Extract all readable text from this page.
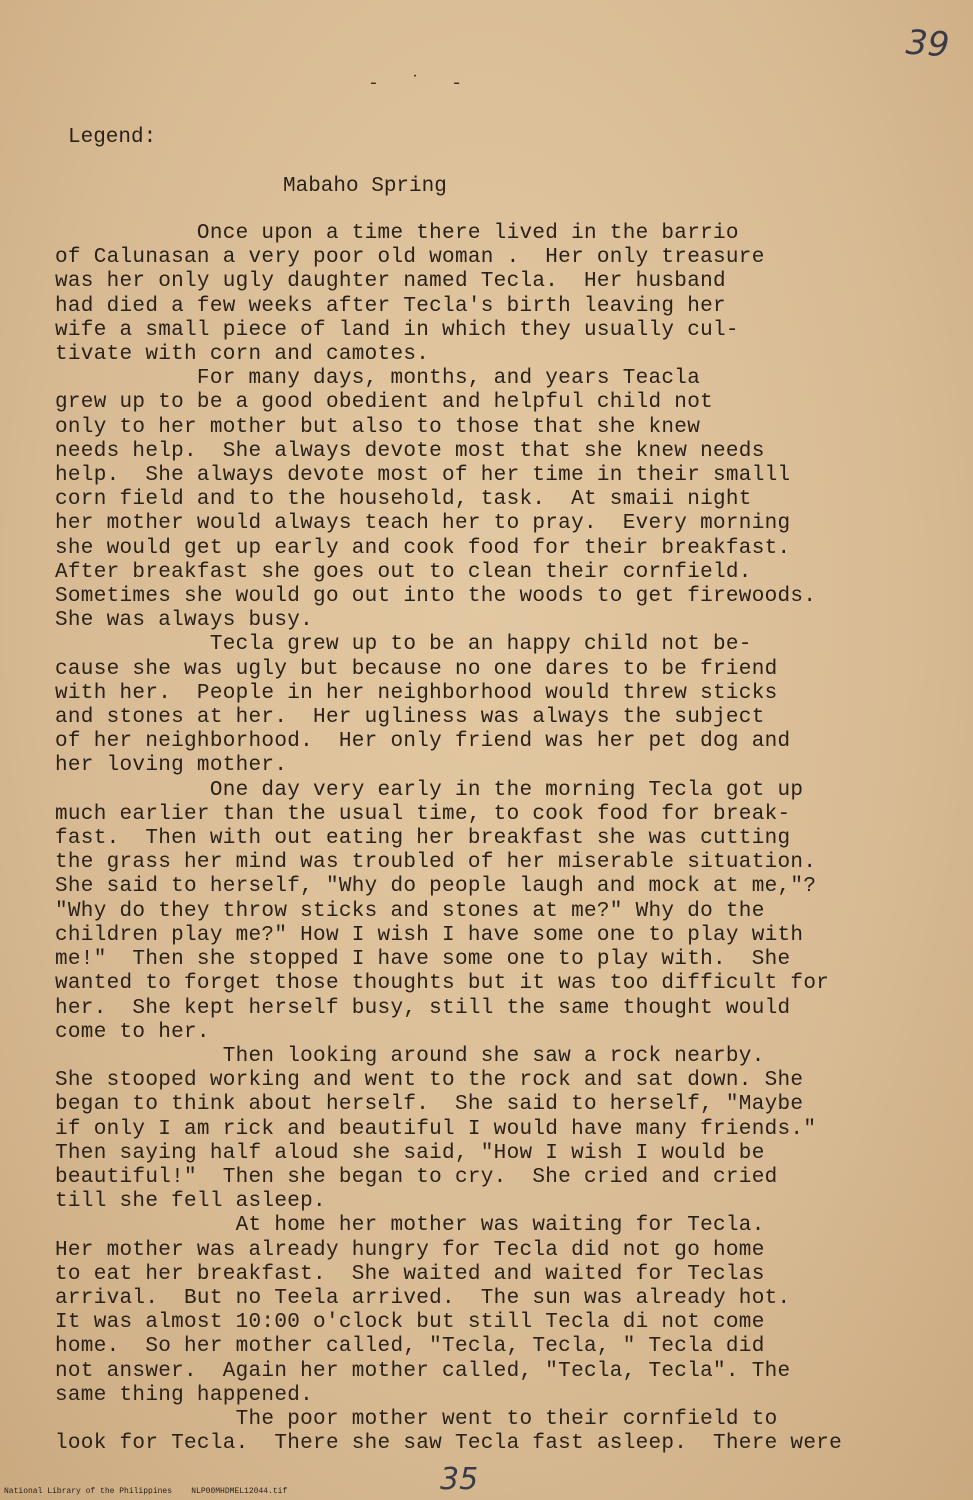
39
- ˙ -
Legend:
Mabaho Spring
Once upon a time there lived in the barrio
of Calunasan a very poor old woman .  Her only treasure
was her only ugly daughter named Tecla.  Her husband
had died a few weeks after Tecla's birth leaving her
wife a small piece of land in which they usually cul-
tivate with corn and camotes.
For many days, months, and years Teacla
grew up to be a good obedient and helpful child not
only to her mother but also to those that she knew
needs help.  She always devote most that she knew needs
help.  She always devote most of her time in their smalll
corn field and to the household, task.  At smaii night
her mother would always teach her to pray.  Every morning
she would get up early and cook food for their breakfast.
After breakfast she goes out to clean their cornfield.
Sometimes she would go out into the woods to get firewoods.
She was always busy.
Tecla grew up to be an happy child not be-
cause she was ugly but because no one dares to be friend
with her.  People in her neighborhood would threw sticks
and stones at her.  Her ugliness was always the subject
of her neighborhood.  Her only friend was her pet dog and
her loving mother.
One day very early in the morning Tecla got up
much earlier than the usual time, to cook food for break-
fast.  Then with out eating her breakfast she was cutting
the grass her mind was troubled of her miserable situation.
She said to herself, "Why do people laugh and mock at me,"?
"Why do they throw sticks and stones at me?" Why do the
children play me?" How I wish I have some one to play with
me!"  Then she stopped I have some one to play with.  She
wanted to forget those thoughts but it was too difficult for
her.  She kept herself busy, still the same thought would
come to her.
Then looking around she saw a rock nearby.
She stooped working and went to the rock and sat down. She
began to think about herself.  She said to herself, "Maybe
if only I am rick and beautiful I would have many friends."
Then saying half aloud she said, "How I wish I would be
beautiful!"  Then she began to cry.  She cried and cried
till she fell asleep.
At home her mother was waiting for Tecla.
Her mother was already hungry for Tecla did not go home
to eat her breakfast.  She waited and waited for Teclas
arrival.  But no Teela arrived.  The sun was already hot.
It was almost 10:00 o'clock but still Tecla di not come
home.  So her mother called, "Tecla, Tecla, " Tecla did
not answer.  Again her mother called, "Tecla, Tecla". The
same thing happened.
The poor mother went to their cornfield to
look for Tecla.  There she saw Tecla fast asleep.  There were
35
National Library of the Philippines    NLP00MHDMEL12044.tif
